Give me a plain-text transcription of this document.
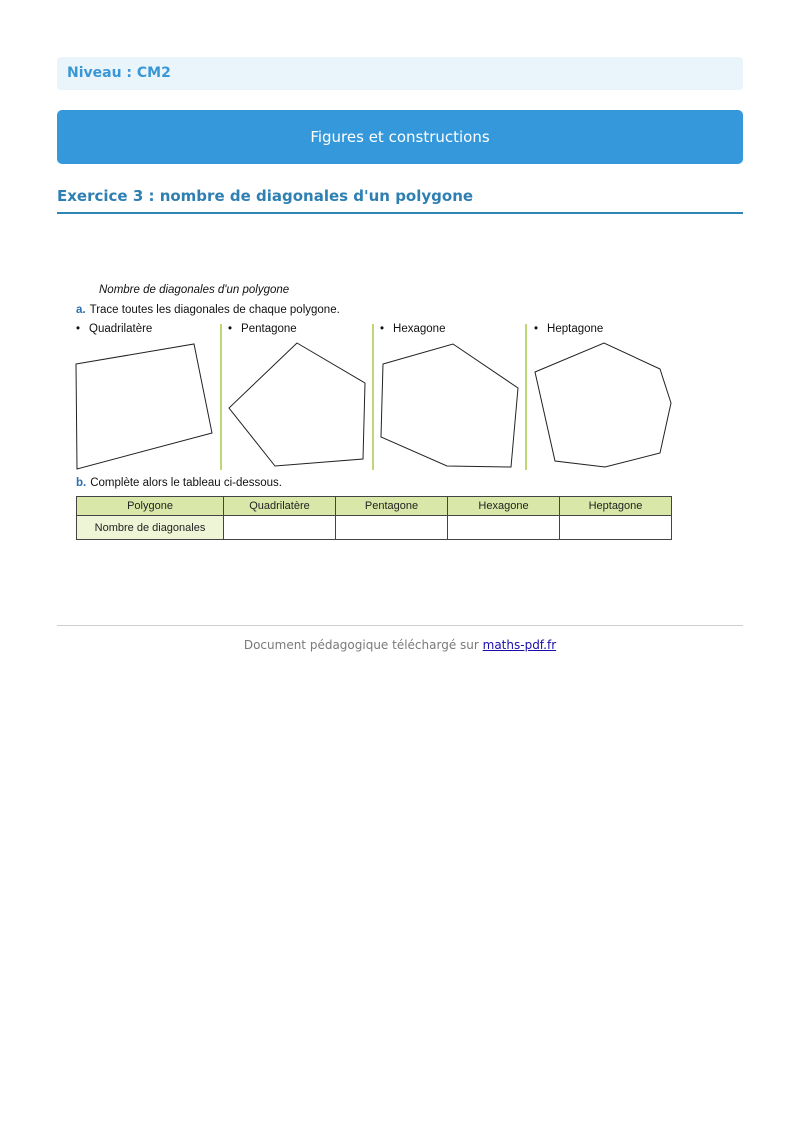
Niveau : CM2
Figures et constructions
Exercice 3 : nombre de diagonales d'un polygone
Nombre de diagonales d'un polygone
a. Trace toutes les diagonales de chaque polygone.
• Quadrilatère	• Pentagone	• Hexagone	• Heptagone
b. Complète alors le tableau ci-dessous.
Polygone	Quadrilatère	Pentagone	Hexagone	Heptagone
Nombre de diagonales				
Document pédagogique téléchargé sur maths-pdf.fr
